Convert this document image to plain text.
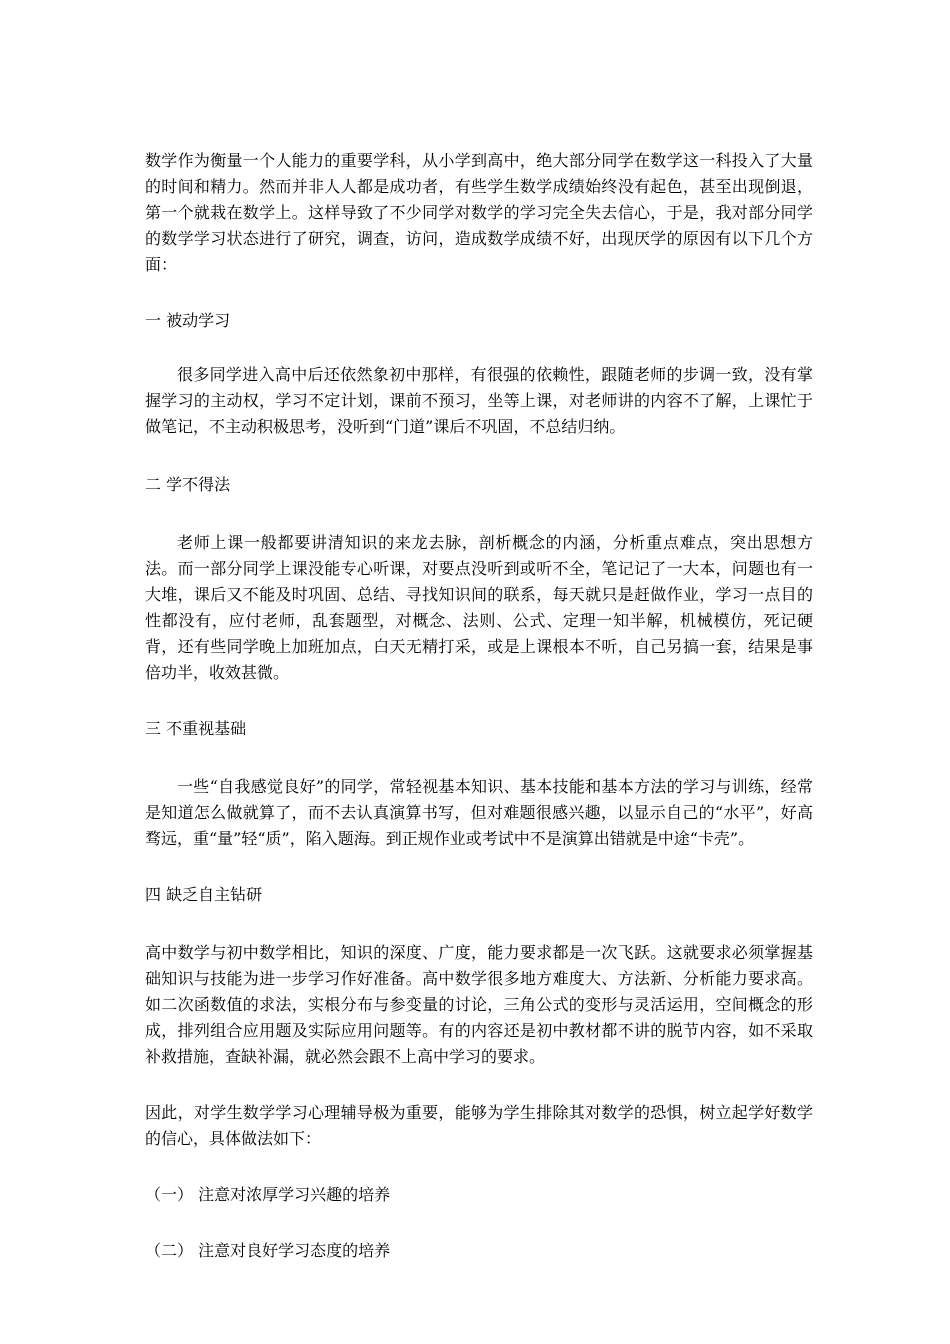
数学作为衡量一个人能力的重要学科，从小学到高中，绝大部分同学在数学这一科投入了大量的时间和精力。然而并非人人都是成功者，有些学生数学成绩始终没有起色，甚至出现倒退，第一个就栽在数学上。这样导致了不少同学对数学的学习完全失去信心，于是，我对部分同学的数学学习状态进行了研究，调查，访问，造成数学成绩不好，出现厌学的原因有以下几个方面：

一 被动学习

很多同学进入高中后还依然象初中那样，有很强的依赖性，跟随老师的步调一致，没有掌握学习的主动权，学习不定计划，课前不预习，坐等上课，对老师讲的内容不了解，上课忙于做笔记，不主动积极思考，没听到“门道”课后不巩固，不总结归纳。

二 学不得法

老师上课一般都要讲清知识的来龙去脉，剖析概念的内涵，分析重点难点，突出思想方法。而一部分同学上课没能专心听课，对要点没听到或听不全，笔记记了一大本，问题也有一大堆，课后又不能及时巩固、总结、寻找知识间的联系，每天就只是赶做作业，学习一点目的性都没有，应付老师，乱套题型，对概念、法则、公式、定理一知半解，机械模仿，死记硬背，还有些同学晚上加班加点，白天无精打采，或是上课根本不听，自己另搞一套，结果是事倍功半，收效甚微。

三 不重视基础

一些“自我感觉良好”的同学，常轻视基本知识、基本技能和基本方法的学习与训练，经常是知道怎么做就算了，而不去认真演算书写，但对难题很感兴趣，以显示自己的“水平”，好高骛远，重“量”轻“质”，陷入题海。到正规作业或考试中不是演算出错就是中途“卡壳”。

四 缺乏自主钻研

高中数学与初中数学相比，知识的深度、广度，能力要求都是一次飞跃。这就要求必须掌握基础知识与技能为进一步学习作好准备。高中数学很多地方难度大、方法新、分析能力要求高。如二次函数值的求法，实根分布与参变量的讨论，三角公式的变形与灵活运用，空间概念的形成，排列组合应用题及实际应用问题等。有的内容还是初中教材都不讲的脱节内容，如不采取补救措施，查缺补漏，就必然会跟不上高中学习的要求。

因此，对学生数学学习心理辅导极为重要，能够为学生排除其对数学的恐惧，树立起学好数学的信心，具体做法如下：

（一） 注意对浓厚学习兴趣的培养

（二） 注意对良好学习态度的培养
